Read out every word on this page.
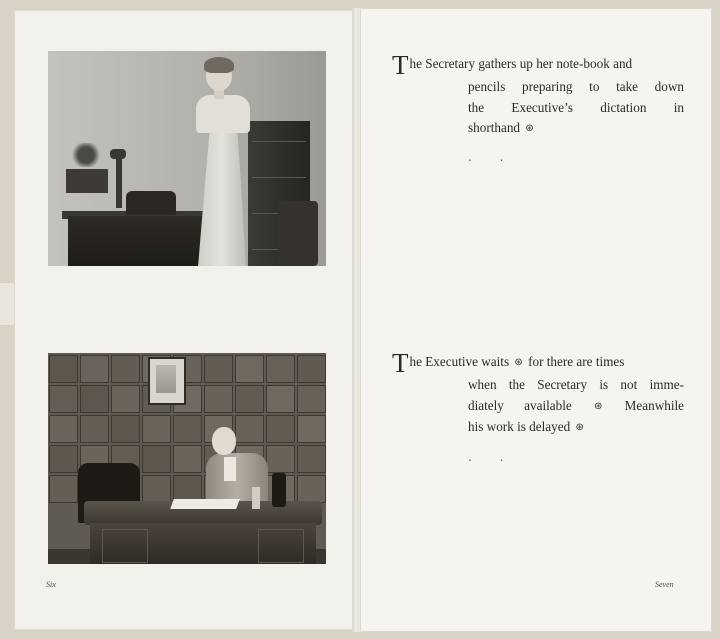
The Secretary gathers up her note-book and
pencils preparing to take down
the Executive’s dictation in
shorthand ⊛
. .
The Executive waits ⊛ for there are times
when the Secretary is not imme-
diately available ⊛ Meanwhile
his work is delayed ⊛
. .
Six	Seven
